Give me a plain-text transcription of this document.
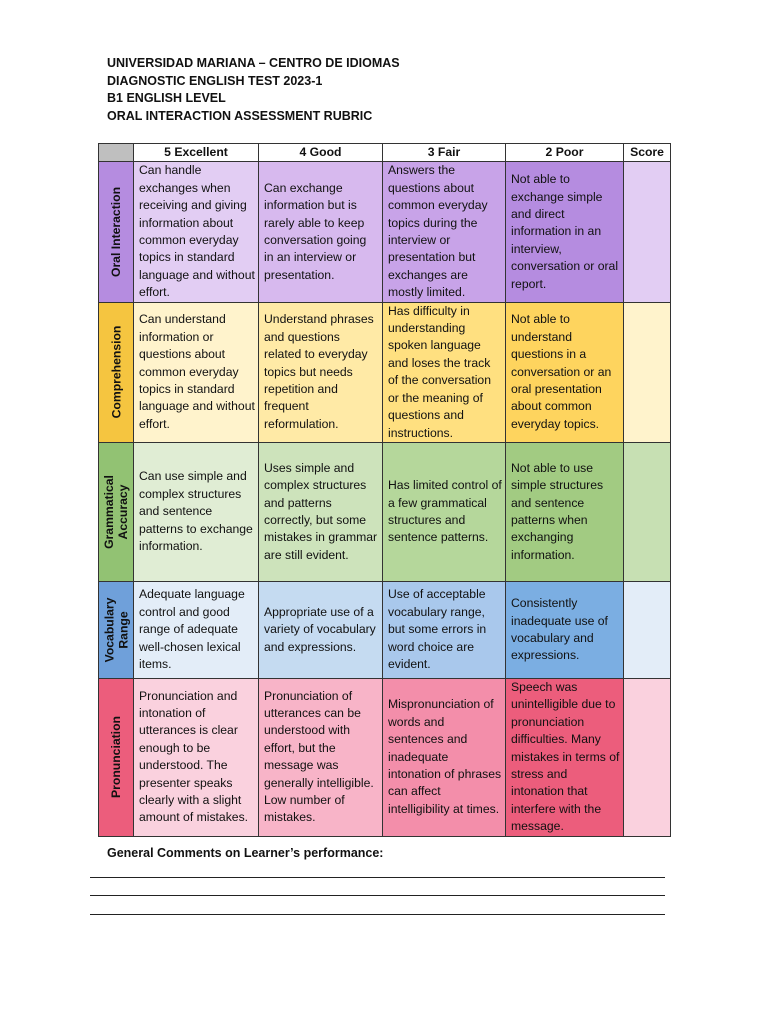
UNIVERSIDAD MARIANA – CENTRO DE IDIOMAS
DIAGNOSTIC ENGLISH TEST 2023-1
B1 ENGLISH LEVEL
ORAL INTERACTION ASSESSMENT RUBRIC
	5 Excellent	4 Good	3 Fair	2 Poor	Score

Oral Interaction	Can handle exchanges when receiving and giving information about common everyday topics in standard language and without effort.	Can exchange information but is rarely able to keep conversation going in an interview or presentation.	Answers the questions about common everyday topics during the interview or presentation but exchanges are mostly limited.	Not able to exchange simple and direct information in an interview, conversation or oral report.	

Comprehension	Can understand information or questions about common everyday topics in standard language and without effort.	Understand phrases and questions related to everyday topics but needs repetition and frequent reformulation.	Has difficulty in understanding spoken language and loses the track of the conversation or the meaning of questions and instructions.	Not able to understand questions in a conversation or an oral presentation about common everyday topics.	

Grammatical
Accuracy	Can use simple and complex structures and sentence patterns to exchange information.	Uses simple and complex structures and patterns correctly, but some mistakes in grammar are still evident.	Has limited control of a few grammatical structures and sentence patterns.	Not able to use simple structures and sentence patterns when exchanging information.	

Vocabulary
Range	Adequate language control and good range of adequate well-chosen lexical items.	Appropriate use of a variety of vocabulary and expressions.	Use of acceptable vocabulary range, but some errors in word choice are evident.	Consistently inadequate use of vocabulary and expressions.	

Pronunciation	Pronunciation and intonation of utterances is clear enough to be understood. The presenter speaks clearly with a slight amount of mistakes.	Pronunciation of utterances can be understood with effort, but the message was generally intelligible. Low number of mistakes.	Mispronunciation of words and sentences and inadequate intonation of phrases can affect intelligibility at times.	Speech was unintelligible due to pronunciation difficulties. Many mistakes in terms of stress and intonation that interfere with the message.	
General Comments on Learner’s performance:
